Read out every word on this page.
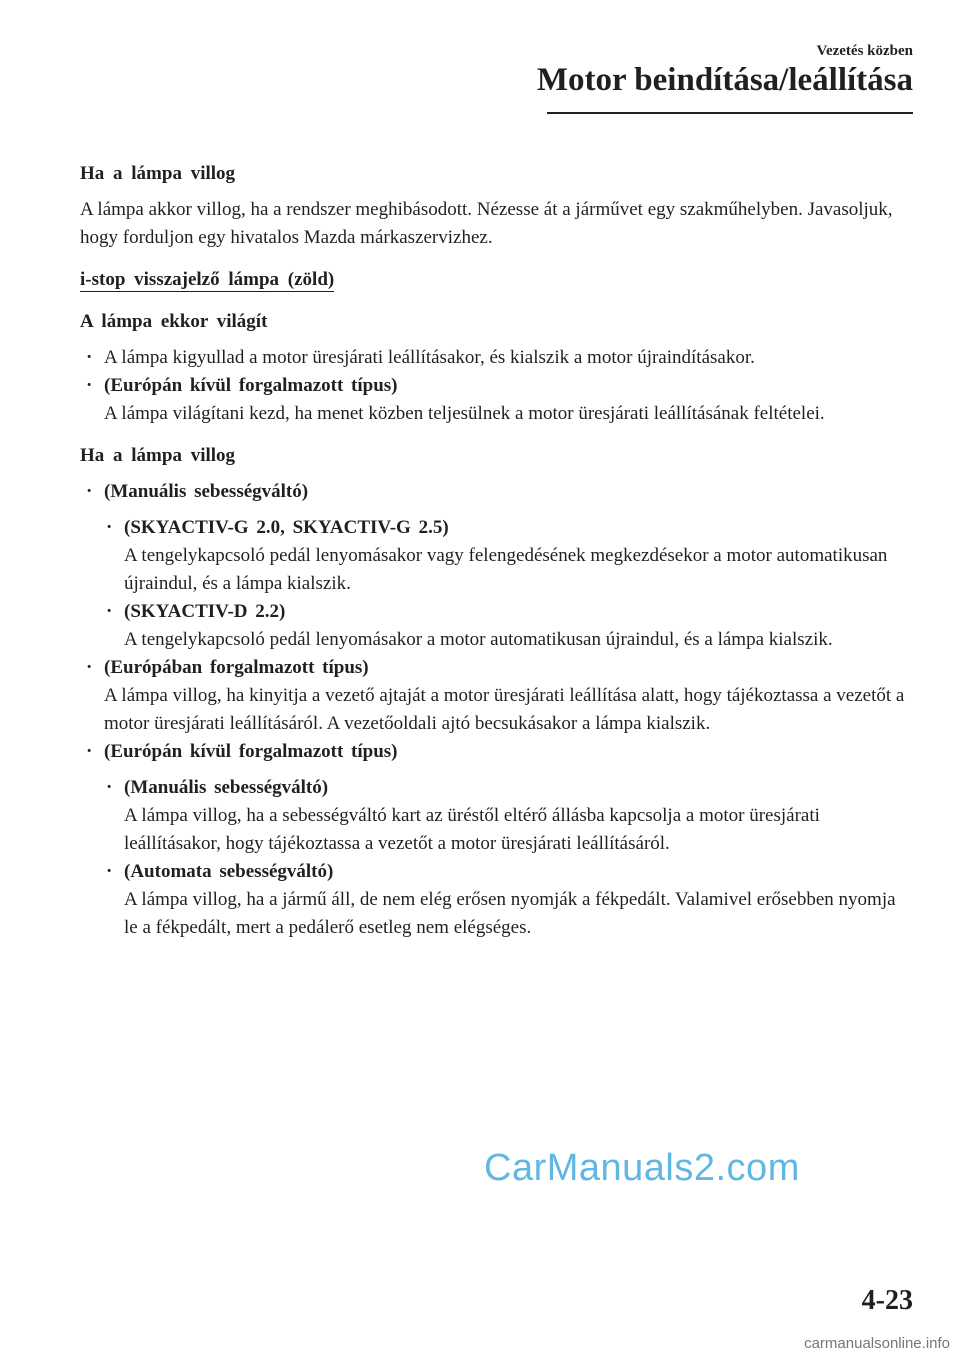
Vezetés közben
Motor beindítása/leállítása

Ha a lámpa villog

A lámpa akkor villog, ha a rendszer meghibásodott. Nézesse át a járművet egy szakműhelyben. Javasoljuk, hogy forduljon egy hivatalos Mazda márkaszervizhez.

i-stop visszajelző lámpa (zöld)

A lámpa ekkor világít

· A lámpa kigyullad a motor üresjárati leállításakor, és kialszik a motor újraindításakor.
· (Európán kívül forgalmazott típus)
A lámpa világítani kezd, ha menet közben teljesülnek a motor üresjárati leállításának feltételei.

Ha a lámpa villog

· (Manuális sebességváltó)
· (SKYACTIV-G 2.0, SKYACTIV-G 2.5)
A tengelykapcsoló pedál lenyomásakor vagy felengedésének megkezdésekor a motor automatikusan újraindul, és a lámpa kialszik.
· (SKYACTIV-D 2.2)
A tengelykapcsoló pedál lenyomásakor a motor automatikusan újraindul, és a lámpa kialszik.
· (Európában forgalmazott típus)
A lámpa villog, ha kinyitja a vezető ajtaját a motor üresjárati leállítása alatt, hogy tájékoztassa a vezetőt a motor üresjárati leállításáról. A vezetőoldali ajtó becsukásakor a lámpa kialszik.
· (Európán kívül forgalmazott típus)
· (Manuális sebességváltó)
A lámpa villog, ha a sebességváltó kart az üréstől eltérő állásba kapcsolja a motor üresjárati leállításakor, hogy tájékoztassa a vezetőt a motor üresjárati leállításáról.
· (Automata sebességváltó)
A lámpa villog, ha a jármű áll, de nem elég erősen nyomják a fékpedált. Valamivel erősebben nyomja le a fékpedált, mert a pedálerő esetleg nem elégséges.
CarManuals2.com
4-23
carmanualsonline.info
